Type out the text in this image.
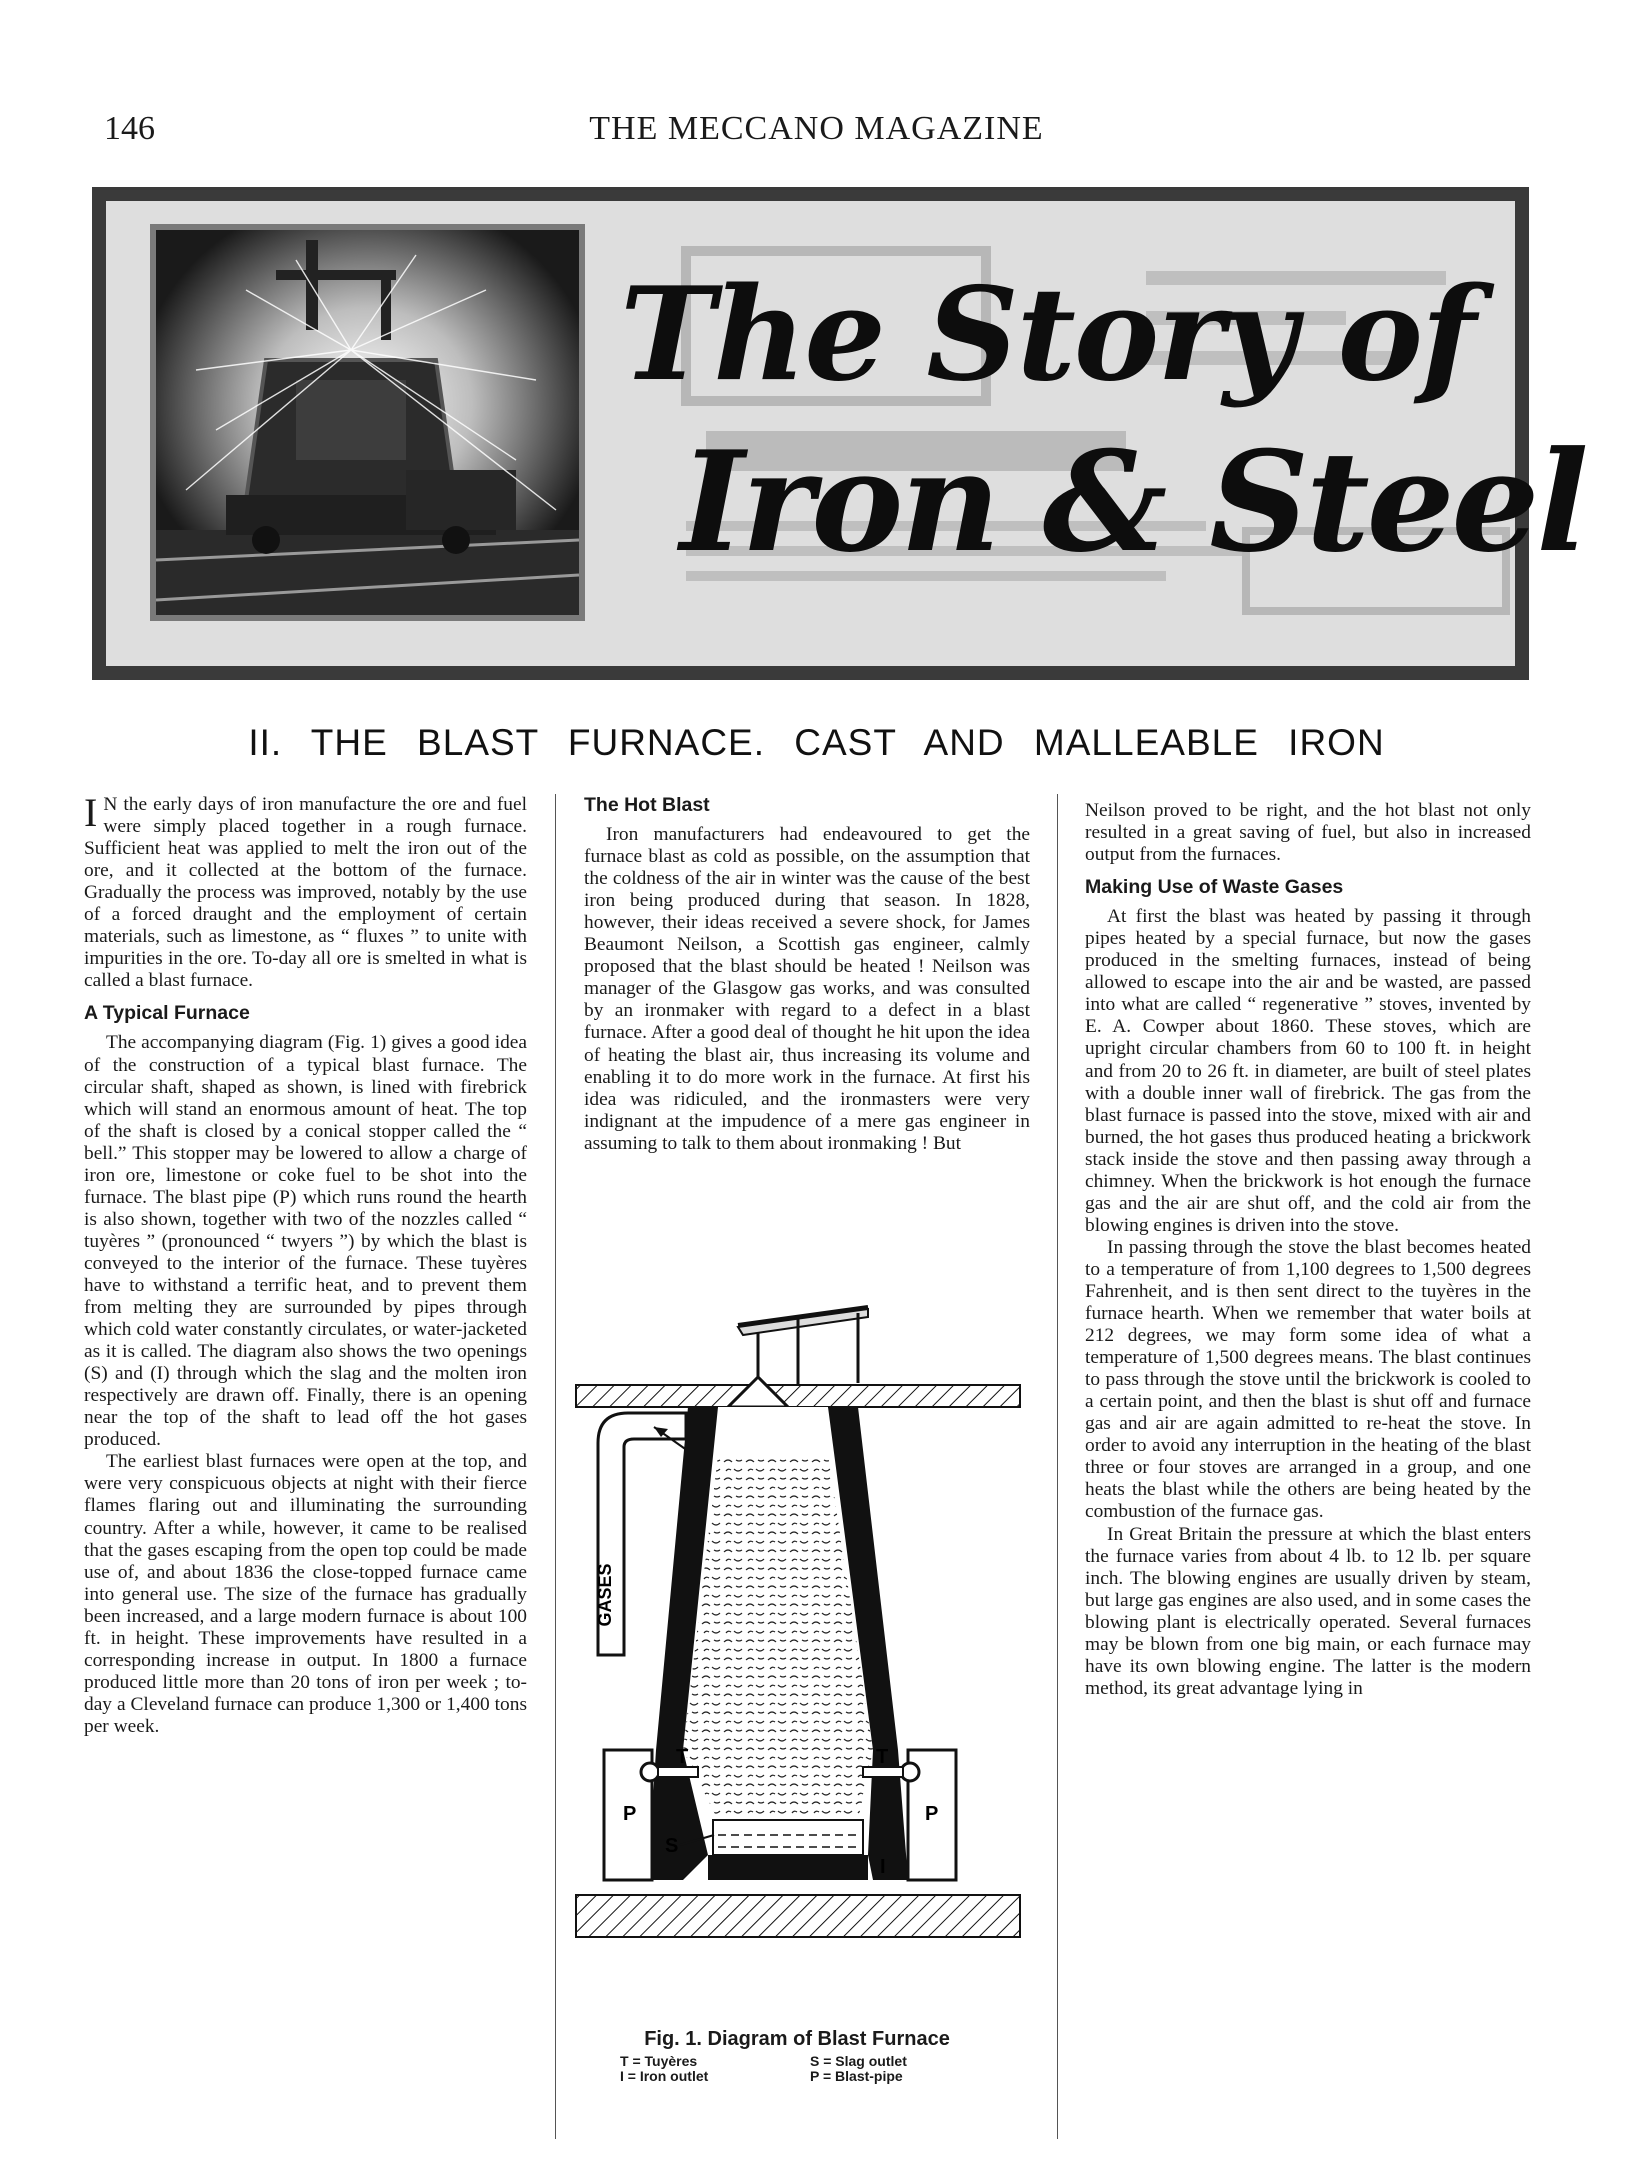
146	THE MECCANO MAGAZINE
The Story of
Iron & Steel
II. THE BLAST FURNACE. CAST AND MALLEABLE IRON
I N the early days of iron manufacture the ore and fuel were simply placed together in a rough furnace. Sufficient heat was applied to melt the iron out of the ore, and it collected at the bottom of the furnace. Gradually the process was improved, notably by the use of a forced draught and the employment of certain materials, such as limestone, as “ fluxes ” to unite with impurities in the ore. To-day all ore is smelted in what is called a blast furnace.

A Typical Furnace

The accompanying diagram (Fig. 1) gives a good idea of the construction of a typical blast furnace. The circular shaft, shaped as shown, is lined with firebrick which will stand an enormous amount of heat. The top of the shaft is closed by a conical stopper called the “ bell.” This stopper may be lowered to allow a charge of iron ore, limestone or coke fuel to be shot into the furnace. The blast pipe (P) which runs round the hearth is also shown, together with two of the nozzles called “ tuyères ” (pronounced “ twyers ”) by which the blast is conveyed to the interior of the furnace. These tuyères have to withstand a terrific heat, and to prevent them from melting they are surrounded by pipes through which cold water constantly circulates, or water-jacketed as it is called. The diagram also shows the two openings (S) and (I) through which the slag and the molten iron respectively are drawn off. Finally, there is an opening near the top of the shaft to lead off the hot gases produced.

The earliest blast furnaces were open at the top, and were very conspicuous objects at night with their fierce flames flaring out and illuminating the surrounding country. After a while, however, it came to be realised that the gases escaping from the open top could be made use of, and about 1836 the close-topped furnace came into general use. The size of the furnace has gradually been increased, and a large modern furnace is about 100 ft. in height. These improvements have resulted in a corresponding increase in output. In 1800 a furnace produced little more than 20 tons of iron per week ; to-day a Cleveland furnace can produce 1,300 or 1,400 tons per week.

The Hot Blast

Iron manufacturers had endeavoured to get the furnace blast as cold as possible, on the assumption that the coldness of the air in winter was the cause of the best iron being produced during that season. In 1828, however, their ideas received a severe shock, for James Beaumont Neilson, a Scottish gas engineer, calmly proposed that the blast should be heated ! Neilson was manager of the Glasgow gas works, and was consulted by an ironmaker with regard to a defect in a blast furnace. After a good deal of thought he hit upon the idea of heating the blast air, thus increasing its volume and enabling it to do more work in the furnace. At first his idea was ridiculed, and the ironmasters were very indignant at the impudence of a mere gas engineer in assuming to talk to them about ironmaking ! But

Neilson proved to be right, and the hot blast not only resulted in a great saving of fuel, but also in increased output from the furnaces.

Making Use of Waste Gases

At first the blast was heated by passing it through pipes heated by a special furnace, but now the gases produced in the smelting furnaces, instead of being allowed to escape into the air and be wasted, are passed into what are called “ regenerative ” stoves, invented by E. A. Cowper about 1860. These stoves, which are upright circular chambers from 60 to 100 ft. in height and from 20 to 26 ft. in diameter, are built of steel plates with a double inner wall of firebrick. The gas from the blast furnace is passed into the stove, mixed with air and burned, the hot gases thus produced heating a brickwork stack inside the stove and then passing away through a chimney. When the brickwork is hot enough the furnace gas and the air are shut off, and the cold air from the blowing engines is driven into the stove.

In passing through the stove the blast becomes heated to a temperature of from 1,100 degrees to 1,500 degrees Fahrenheit, and is then sent direct to the tuyères in the furnace hearth. When we remember that water boils at 212 degrees, we may form some idea of what a temperature of 1,500 degrees means. The blast continues to pass through the stove until the brickwork is cooled to a certain point, and then the blast is shut off and furnace gas and air are again admitted to re-heat the stove. In order to avoid any interruption in the heating of the blast three or four stoves are arranged in a group, and one heats the blast while the others are being heated by the combustion of the furnace gas.

In Great Britain the pressure at which the blast enters the furnace varies from about 4 lb. to 12 lb. per square inch. The blowing engines are usually driven by steam, but large gas engines are also used, and in some cases the blowing plant is electrically operated. Several furnaces may be blown from one big main, or each furnace may have its own blowing engine. The latter is the modern method, its great advantage lying in

GASES
T	T
P	P
S
I
Fig. 1. Diagram of Blast Furnace
T = Tuyères	S = Slag outlet
I = Iron outlet	P = Blast-pipe
